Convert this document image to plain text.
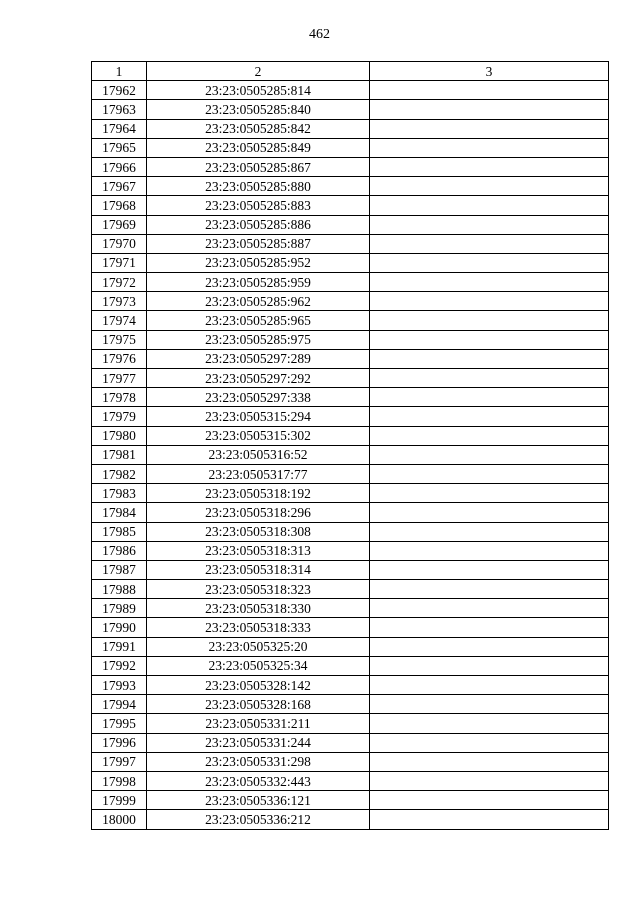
462
1	2	3
17962	23:23:0505285:814	
17963	23:23:0505285:840	
17964	23:23:0505285:842	
17965	23:23:0505285:849	
17966	23:23:0505285:867	
17967	23:23:0505285:880	
17968	23:23:0505285:883	
17969	23:23:0505285:886	
17970	23:23:0505285:887	
17971	23:23:0505285:952	
17972	23:23:0505285:959	
17973	23:23:0505285:962	
17974	23:23:0505285:965	
17975	23:23:0505285:975	
17976	23:23:0505297:289	
17977	23:23:0505297:292	
17978	23:23:0505297:338	
17979	23:23:0505315:294	
17980	23:23:0505315:302	
17981	23:23:0505316:52	
17982	23:23:0505317:77	
17983	23:23:0505318:192	
17984	23:23:0505318:296	
17985	23:23:0505318:308	
17986	23:23:0505318:313	
17987	23:23:0505318:314	
17988	23:23:0505318:323	
17989	23:23:0505318:330	
17990	23:23:0505318:333	
17991	23:23:0505325:20	
17992	23:23:0505325:34	
17993	23:23:0505328:142	
17994	23:23:0505328:168	
17995	23:23:0505331:211	
17996	23:23:0505331:244	
17997	23:23:0505331:298	
17998	23:23:0505332:443	
17999	23:23:0505336:121	
18000	23:23:0505336:212	
